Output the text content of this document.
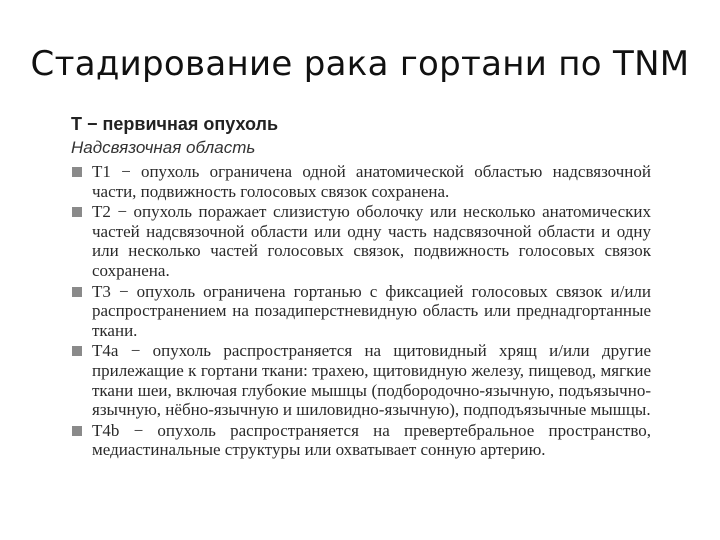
Стадирование рака гортани по TNM

Т − первичная опухоль

Надсвязочная область

T1 − опухоль ограничена одной анатомической областью надсвязочной части, подвижность голосовых связок сохранена.
Т2 − опухоль поражает слизистую оболочку или несколько анатомических частей надсвязочной области или одну часть надсвязочной области и одну или несколько частей голосовых связок, подвижность голосовых связок сохранена.
Т3 − опухоль ограничена гортанью с фиксацией голосовых связок и/или распространением на позадиперстневидную область или преднадгортанные ткани.
Т4а − опухоль распространяется на щитовидный хрящ и/или другие прилежащие к гортани ткани: трахею, щитовидную железу, пищевод, мягкие ткани шеи, включая глубокие мышцы (подбородочно-язычную, подъязычно-язычную, нёбно-язычную и шиловидно-язычную), подподъязычные мышцы.
T4b − опухоль распространяется на превертебральное пространство, медиастинальные структуры или охватывает сонную артерию.
